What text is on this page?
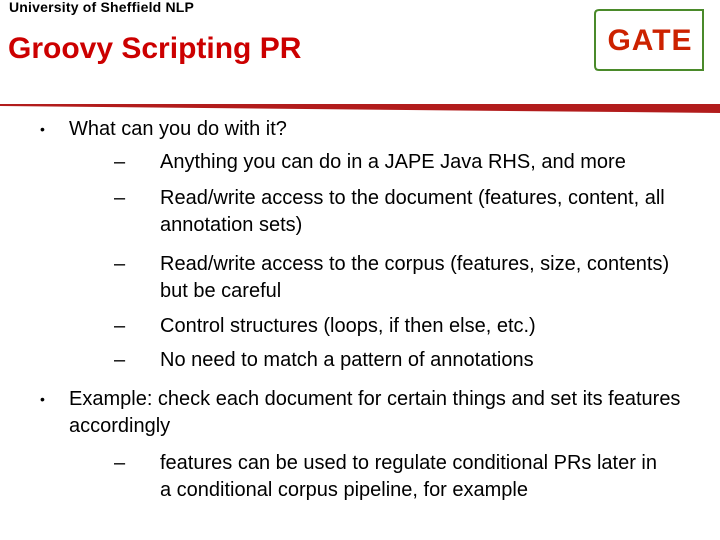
University of Sheffield NLP
Groovy Scripting PR	GATE
• What can you do with it?
– Anything you can do in a JAPE Java RHS, and more
– Read/write access to the document (features, content, all annotation sets)
– Read/write access to the corpus (features, size, contents) but be careful
– Control structures (loops, if then else, etc.)
– No need to match a pattern of annotations
• Example: check each document for certain things and set its features accordingly
– features can be used to regulate conditional PRs later in a conditional corpus pipeline, for example
